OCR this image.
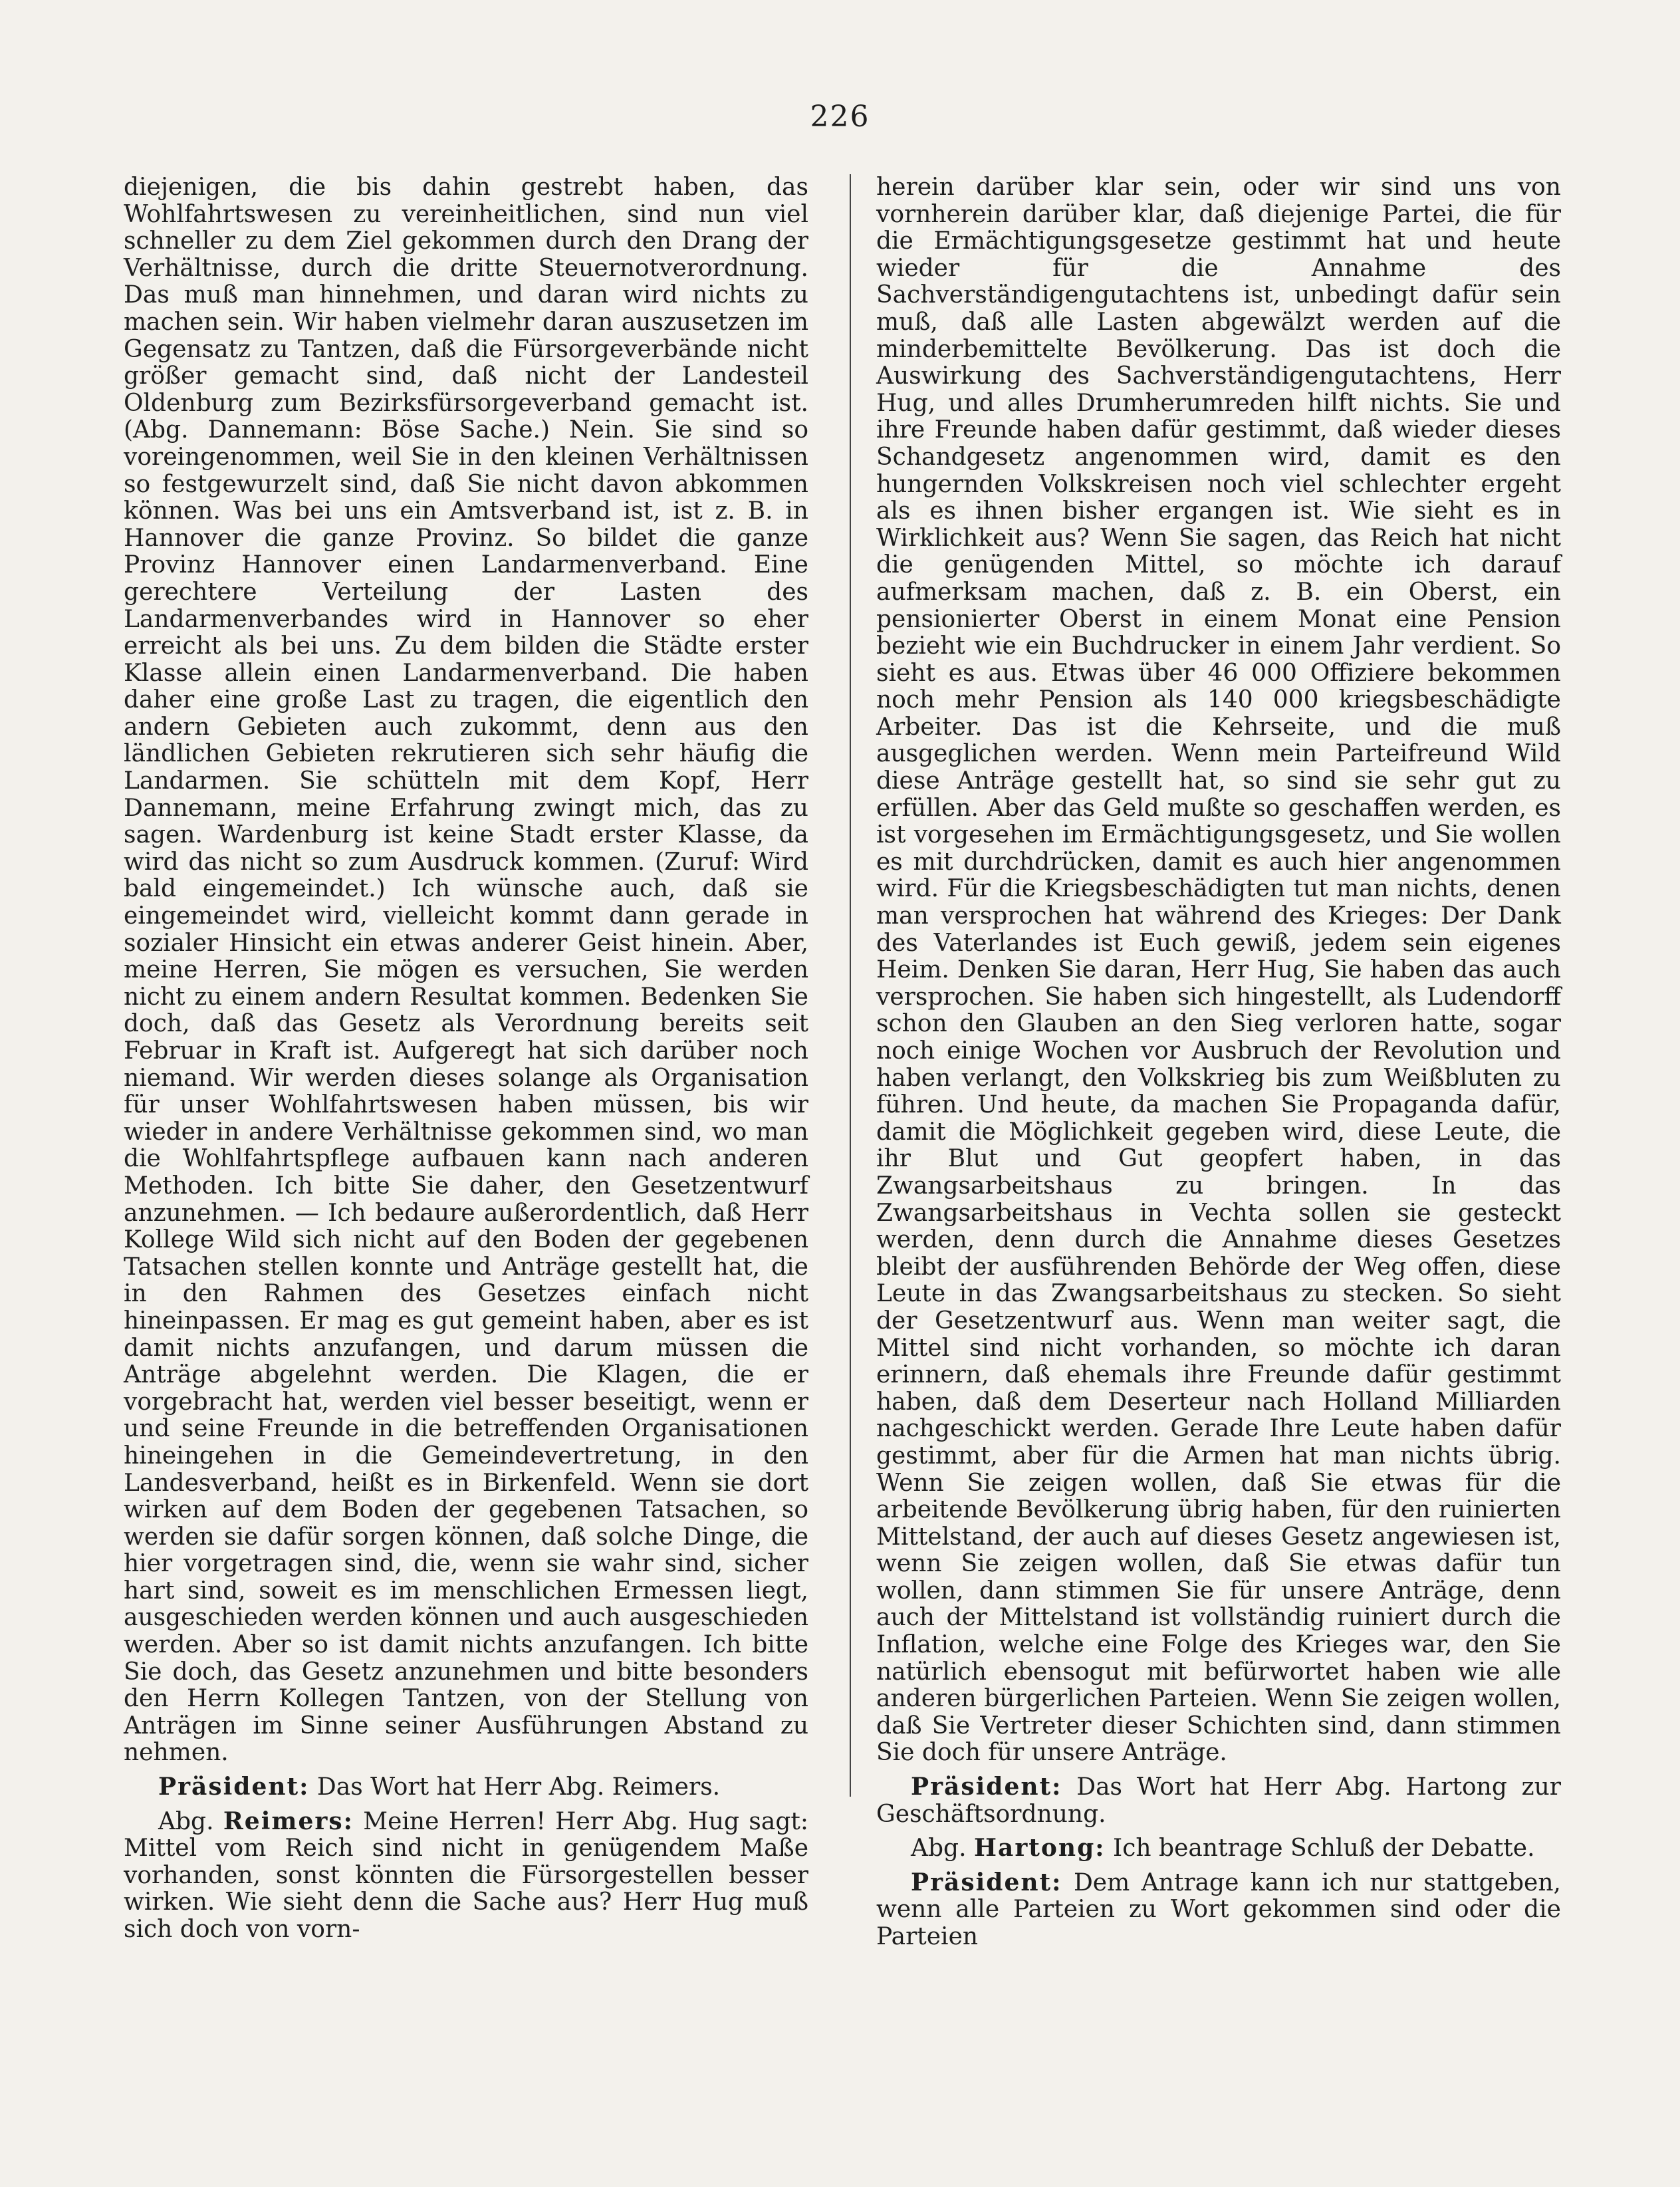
226

diejenigen, die bis dahin gestrebt haben, das Wohlfahrtswesen zu vereinheitlichen, sind nun viel schneller zu dem Ziel gekommen durch den Drang der Verhältnisse, durch die dritte Steuernotverordnung. Das muß man hinnehmen, und daran wird nichts zu machen sein. Wir haben vielmehr daran auszusetzen im Gegensatz zu Tantzen, daß die Fürsorgeverbände nicht größer gemacht sind, daß nicht der Landesteil Oldenburg zum Bezirksfürsorgeverband gemacht ist. (Abg. Dannemann: Böse Sache.) Nein. Sie sind so voreingenommen, weil Sie in den kleinen Verhältnissen so festgewurzelt sind, daß Sie nicht davon abkommen können. Was bei uns ein Amtsverband ist, ist z. B. in Hannover die ganze Provinz. So bildet die ganze Provinz Hannover einen Landarmenverband. Eine gerechtere Verteilung der Lasten des Landarmenverbandes wird in Hannover so eher erreicht als bei uns. Zu dem bilden die Städte erster Klasse allein einen Landarmenverband. Die haben daher eine große Last zu tragen, die eigentlich den andern Gebieten auch zukommt, denn aus den ländlichen Gebieten rekrutieren sich sehr häufig die Landarmen. Sie schütteln mit dem Kopf, Herr Dannemann, meine Erfahrung zwingt mich, das zu sagen. Wardenburg ist keine Stadt erster Klasse, da wird das nicht so zum Ausdruck kommen. (Zuruf: Wird bald eingemeindet.) Ich wünsche auch, daß sie eingemeindet wird, vielleicht kommt dann gerade in sozialer Hinsicht ein etwas anderer Geist hinein. Aber, meine Herren, Sie mögen es versuchen, Sie werden nicht zu einem andern Resultat kommen. Bedenken Sie doch, daß das Gesetz als Verordnung bereits seit Februar in Kraft ist. Aufgeregt hat sich darüber noch niemand. Wir werden dieses solange als Organisation für unser Wohlfahrtswesen haben müssen, bis wir wieder in andere Verhältnisse gekommen sind, wo man die Wohlfahrtspflege aufbauen kann nach anderen Methoden. Ich bitte Sie daher, den Gesetzentwurf anzunehmen. — Ich bedaure außerordentlich, daß Herr Kollege Wild sich nicht auf den Boden der gegebenen Tatsachen stellen konnte und Anträge gestellt hat, die in den Rahmen des Gesetzes einfach nicht hineinpassen. Er mag es gut gemeint haben, aber es ist damit nichts anzufangen, und darum müssen die Anträge abgelehnt werden. Die Klagen, die er vorgebracht hat, werden viel besser beseitigt, wenn er und seine Freunde in die betreffenden Organisationen hineingehen in die Gemeindevertretung, in den Landesverband, heißt es in Birkenfeld. Wenn sie dort wirken auf dem Boden der gegebenen Tatsachen, so werden sie dafür sorgen können, daß solche Dinge, die hier vorgetragen sind, die, wenn sie wahr sind, sicher hart sind, soweit es im menschlichen Ermessen liegt, ausgeschieden werden können und auch ausgeschieden werden. Aber so ist damit nichts anzufangen. Ich bitte Sie doch, das Gesetz anzunehmen und bitte besonders den Herrn Kollegen Tantzen, von der Stellung von Anträgen im Sinne seiner Ausführungen Abstand zu nehmen.

Präsident: Das Wort hat Herr Abg. Reimers.

Abg. Reimers: Meine Herren! Herr Abg. Hug sagt: Mittel vom Reich sind nicht in genügendem Maße vorhanden, sonst könnten die Fürsorgestellen besser wirken. Wie sieht denn die Sache aus? Herr Hug muß sich doch von vorn-

herein darüber klar sein, oder wir sind uns von vornherein darüber klar, daß diejenige Partei, die für die Ermächtigungsgesetze gestimmt hat und heute wieder für die Annahme des Sachverständigengutachtens ist, unbedingt dafür sein muß, daß alle Lasten abgewälzt werden auf die minderbemittelte Bevölkerung. Das ist doch die Auswirkung des Sachverständigengutachtens, Herr Hug, und alles Drumherumreden hilft nichts. Sie und ihre Freunde haben dafür gestimmt, daß wieder dieses Schandgesetz angenommen wird, damit es den hungernden Volkskreisen noch viel schlechter ergeht als es ihnen bisher ergangen ist. Wie sieht es in Wirklichkeit aus? Wenn Sie sagen, das Reich hat nicht die genügenden Mittel, so möchte ich darauf aufmerksam machen, daß z. B. ein Oberst, ein pensionierter Oberst in einem Monat eine Pension bezieht wie ein Buchdrucker in einem Jahr verdient. So sieht es aus. Etwas über 46 000 Offiziere bekommen noch mehr Pension als 140 000 kriegsbeschädigte Arbeiter. Das ist die Kehrseite, und die muß ausgeglichen werden. Wenn mein Parteifreund Wild diese Anträge gestellt hat, so sind sie sehr gut zu erfüllen. Aber das Geld mußte so geschaffen werden, es ist vorgesehen im Ermächtigungsgesetz, und Sie wollen es mit durchdrücken, damit es auch hier angenommen wird. Für die Kriegsbeschädigten tut man nichts, denen man versprochen hat während des Krieges: Der Dank des Vaterlandes ist Euch gewiß, jedem sein eigenes Heim. Denken Sie daran, Herr Hug, Sie haben das auch versprochen. Sie haben sich hingestellt, als Ludendorff schon den Glauben an den Sieg verloren hatte, sogar noch einige Wochen vor Ausbruch der Revolution und haben verlangt, den Volkskrieg bis zum Weißbluten zu führen. Und heute, da machen Sie Propaganda dafür, damit die Möglichkeit gegeben wird, diese Leute, die ihr Blut und Gut geopfert haben, in das Zwangsarbeitshaus zu bringen. In das Zwangsarbeitshaus in Vechta sollen sie gesteckt werden, denn durch die Annahme dieses Gesetzes bleibt der ausführenden Behörde der Weg offen, diese Leute in das Zwangsarbeitshaus zu stecken. So sieht der Gesetzentwurf aus. Wenn man weiter sagt, die Mittel sind nicht vorhanden, so möchte ich daran erinnern, daß ehemals ihre Freunde dafür gestimmt haben, daß dem Deserteur nach Holland Milliarden nachgeschickt werden. Gerade Ihre Leute haben dafür gestimmt, aber für die Armen hat man nichts übrig. Wenn Sie zeigen wollen, daß Sie etwas für die arbeitende Bevölkerung übrig haben, für den ruinierten Mittelstand, der auch auf dieses Gesetz angewiesen ist, wenn Sie zeigen wollen, daß Sie etwas dafür tun wollen, dann stimmen Sie für unsere Anträge, denn auch der Mittelstand ist vollständig ruiniert durch die Inflation, welche eine Folge des Krieges war, den Sie natürlich ebensogut mit befürwortet haben wie alle anderen bürgerlichen Parteien. Wenn Sie zeigen wollen, daß Sie Vertreter dieser Schichten sind, dann stimmen Sie doch für unsere Anträge.

Präsident: Das Wort hat Herr Abg. Hartong zur Geschäftsordnung.

Abg. Hartong: Ich beantrage Schluß der Debatte.

Präsident: Dem Antrage kann ich nur stattgeben, wenn alle Parteien zu Wort gekommen sind oder die Parteien
